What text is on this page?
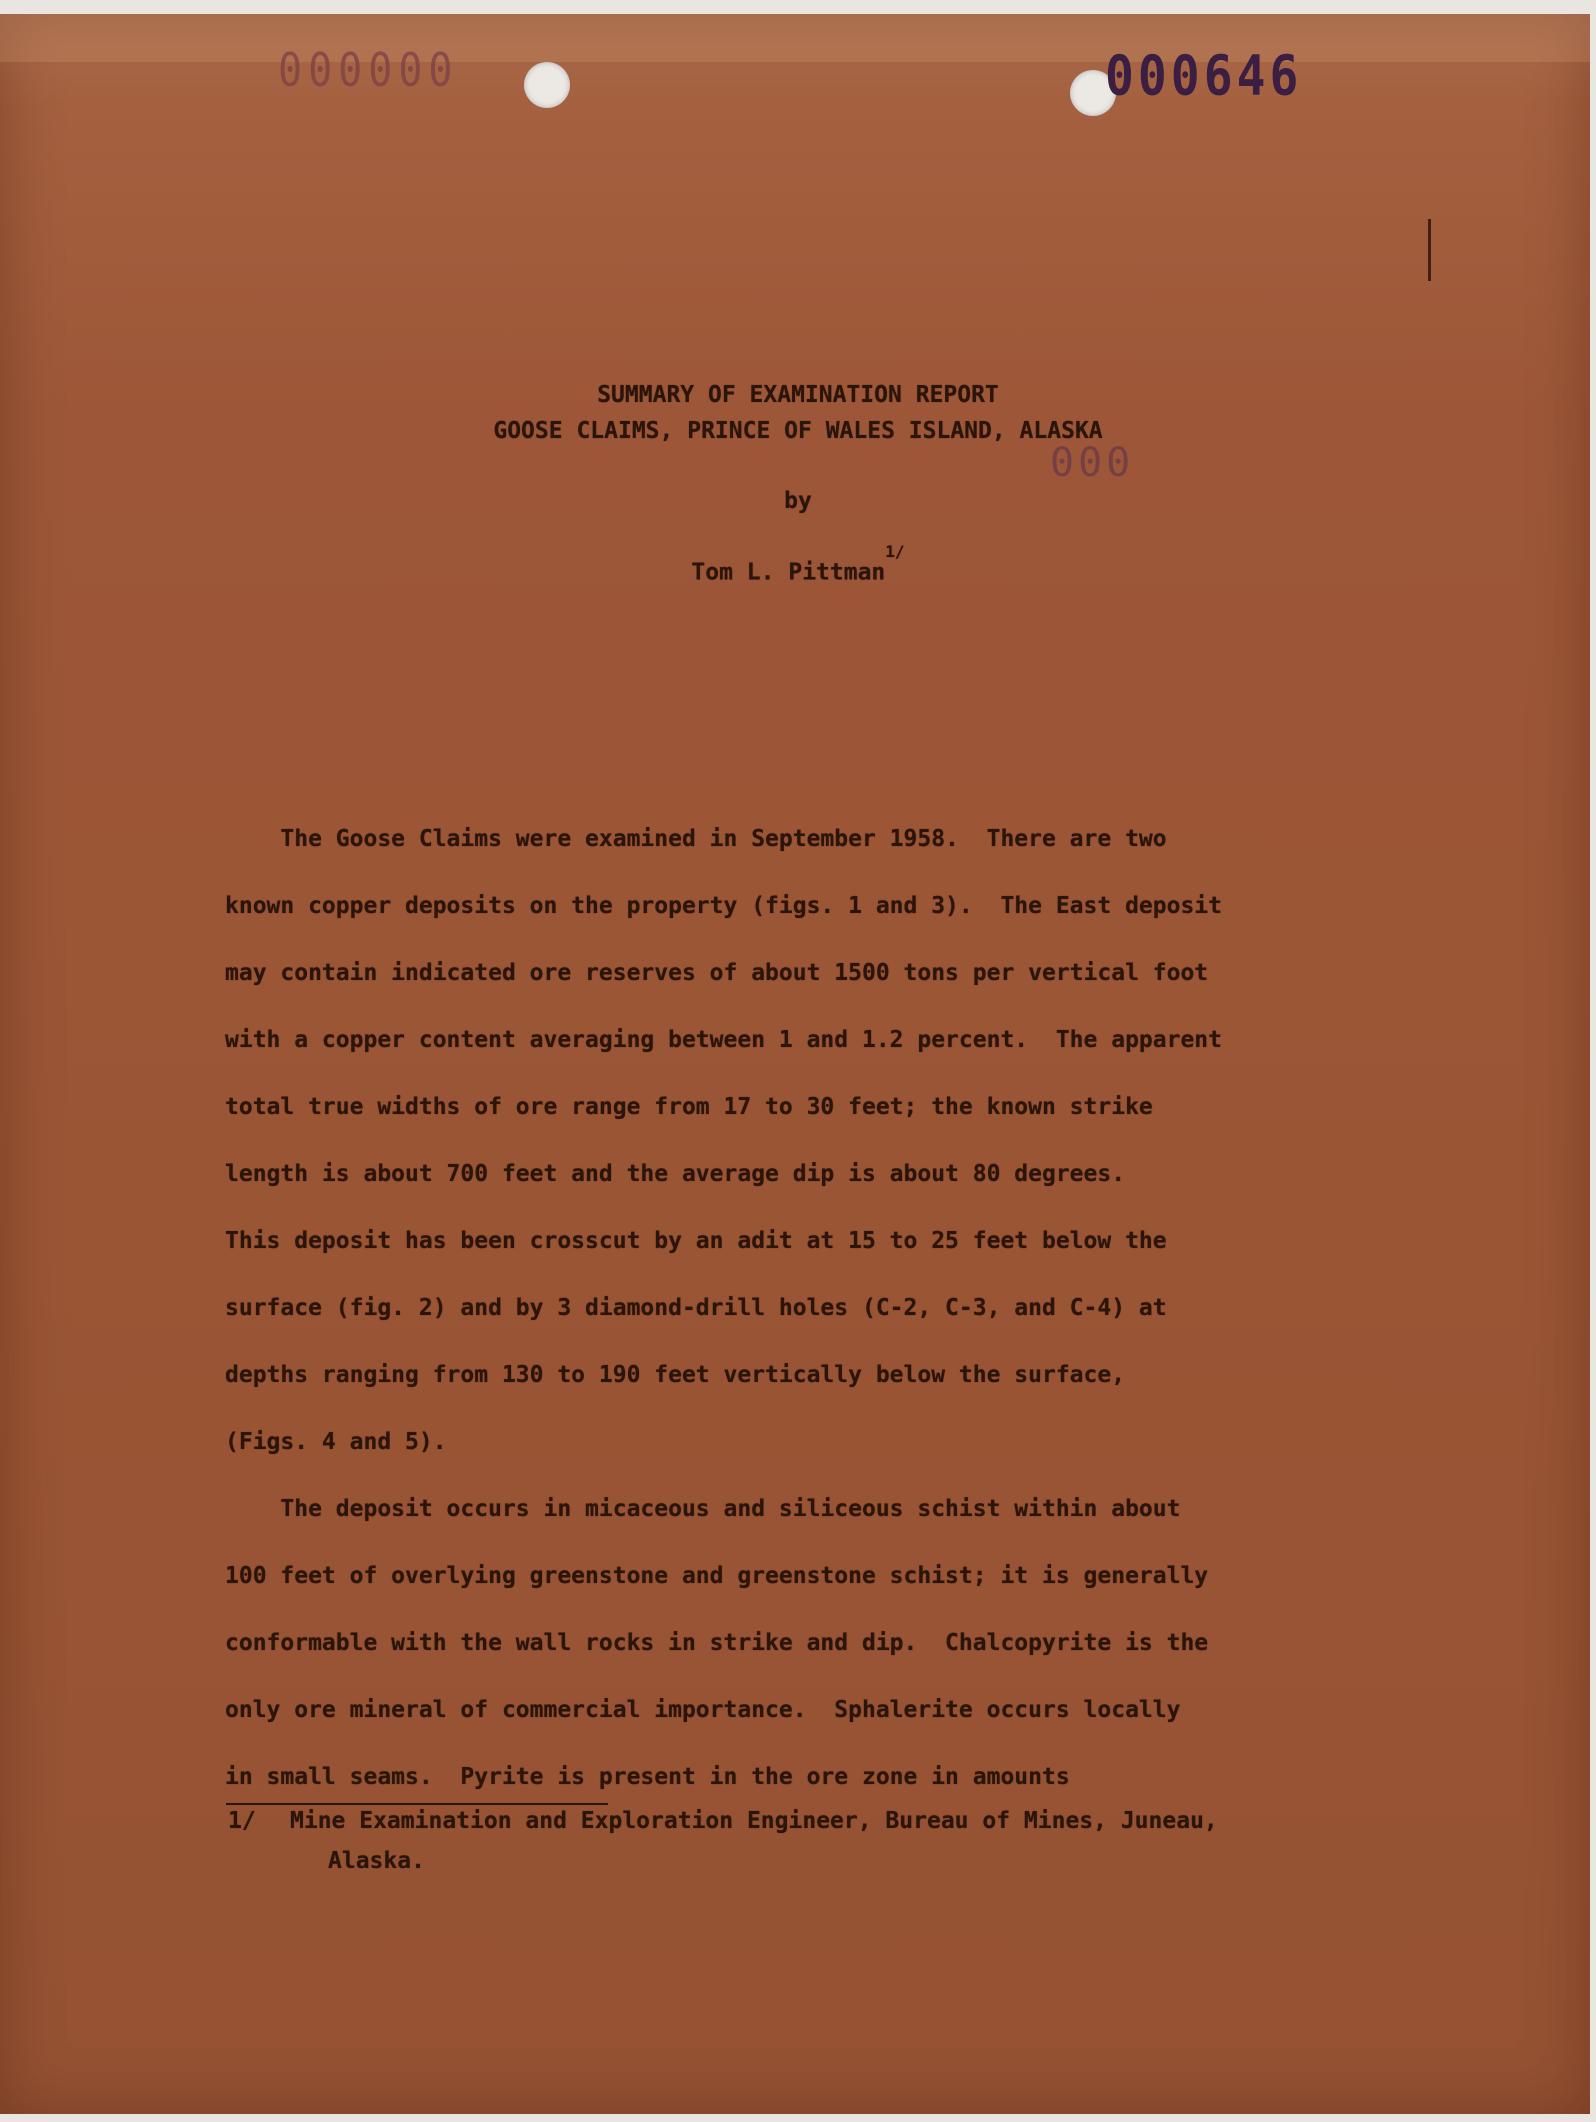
000000	000646
SUMMARY OF EXAMINATION REPORT
GOOSE CLAIMS, PRINCE OF WALES ISLAND, ALASKA
000
by
Tom L. Pittman$^{1/}$
The Goose Claims were examined in September 1958.  There are two
known copper deposits on the property (figs. 1 and 3).  The East deposit
may contain indicated ore reserves of about 1500 tons per vertical foot
with a copper content averaging between 1 and 1.2 percent.  The apparent
total true widths of ore range from 17 to 30 feet; the known strike
length is about 700 feet and the average dip is about 80 degrees.
This deposit has been crosscut by an adit at 15 to 25 feet below the
surface (fig. 2) and by 3 diamond-drill holes (C-2, C-3, and C-4) at
depths ranging from 130 to 190 feet vertically below the surface,
(Figs. 4 and 5).
The deposit occurs in micaceous and siliceous schist within about
100 feet of overlying greenstone and greenstone schist; it is generally
conformable with the wall rocks in strike and dip.  Chalcopyrite is the
only ore mineral of commercial importance.  Sphalerite occurs locally
in small seams.  Pyrite is present in the ore zone in amounts
1/ Mine Examination and Exploration Engineer, Bureau of Mines, Juneau,
Alaska.
